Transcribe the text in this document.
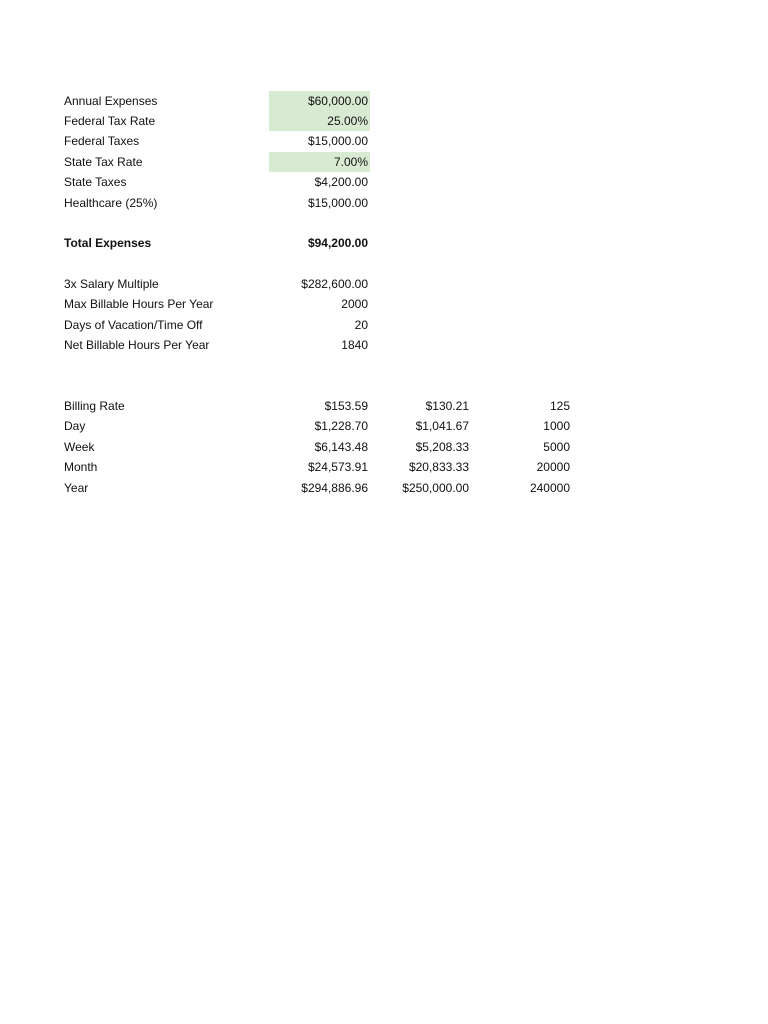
Annual Expenses	$60,000.00
Federal Tax Rate	25.00%
Federal Taxes	$15,000.00
State Tax Rate	7.00%
State Taxes	$4,200.00
Healthcare (25%)	$15,000.00
Total Expenses	$94,200.00
3x Salary Multiple	$282,600.00
Max Billable Hours Per Year	2000
Days of Vacation/Time Off	20
Net Billable Hours Per Year	1840
Billing Rate	$153.59	$130.21	125
Day	$1,228.70	$1,041.67	1000
Week	$6,143.48	$5,208.33	5000
Month	$24,573.91	$20,833.33	20000
Year	$294,886.96	$250,000.00	240000
